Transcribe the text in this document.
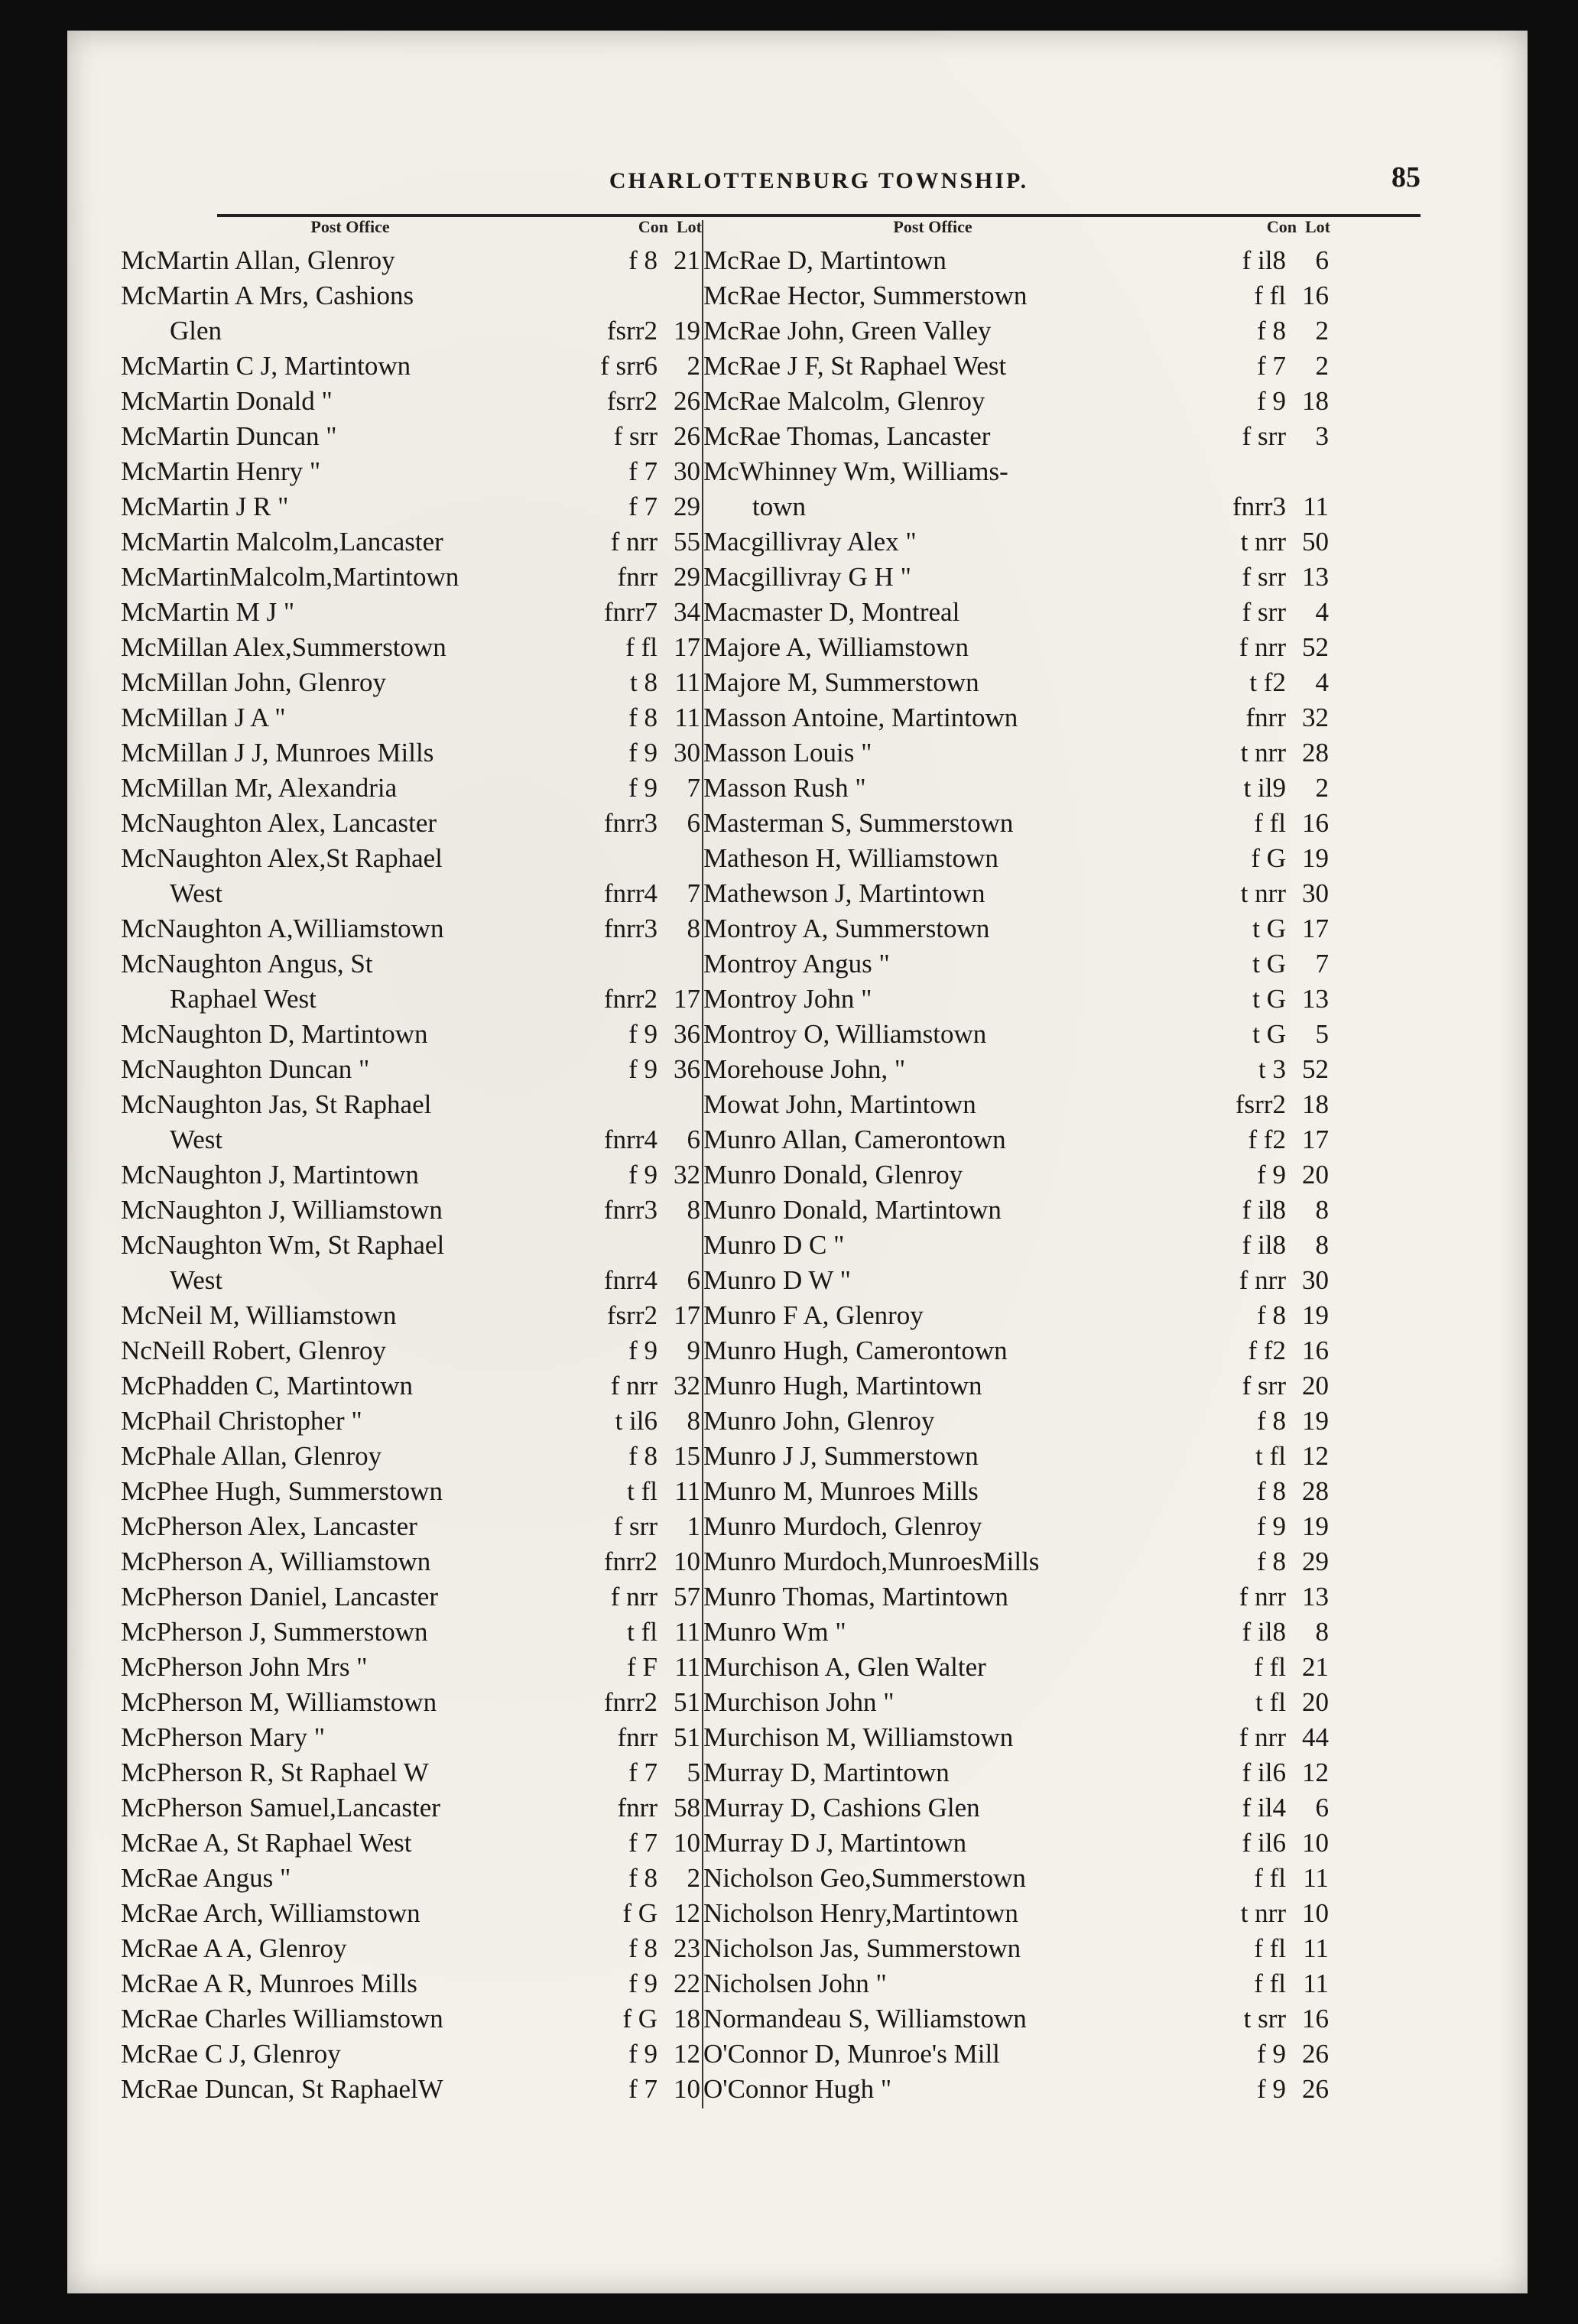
CHARLOTTENBURG TOWNSHIP.	85
Post Office	Con Lot
McMartin Allan, Glenroy	f 8 21
McMartin A Mrs, Cashions
Glen	fsrr2 19
McMartin C J, Martintown	f srr6 2
McMartin Donald "	fsrr2 26
McMartin Duncan "	f srr 26
McMartin Henry "	f 7 30
McMartin J R "	f 7 29
McMartin Malcolm,Lancaster	f nrr 55
McMartinMalcolm,Martintown	fnrr 29
McMartin M J "	fnrr7 34
McMillan Alex,Summerstown	f fl 17
McMillan John, Glenroy	t 8 11
McMillan J A "	f 8 11
McMillan J J, Munroes Mills	f 9 30
McMillan Mr, Alexandria	f 9 7
McNaughton Alex, Lancaster	fnrr3 6
McNaughton Alex,St Raphael
West	fnrr4 7
McNaughton A,Williamstown	fnrr3 8
McNaughton Angus, St
Raphael West	fnrr2 17
McNaughton D, Martintown	f 9 36
McNaughton Duncan "	f 9 36
McNaughton Jas, St Raphael
West	fnrr4 6
McNaughton J, Martintown	f 9 32
McNaughton J, Williamstown	fnrr3 8
McNaughton Wm, St Raphael
West	fnrr4 6
McNeil M, Williamstown	fsrr2 17
NcNeill Robert, Glenroy	f 9 9
McPhadden C, Martintown	f nrr 32
McPhail Christopher "	t il6 8
McPhale Allan, Glenroy	f 8 15
McPhee Hugh, Summerstown	t fl 11
McPherson Alex, Lancaster	f srr 1
McPherson A, Williamstown	fnrr2 10
McPherson Daniel, Lancaster	f nrr 57
McPherson J, Summerstown	t fl 11
McPherson John Mrs "	f F 11
McPherson M, Williamstown	fnrr2 51
McPherson Mary "	fnrr 51
McPherson R, St Raphael W	f 7 5
McPherson Samuel,Lancaster	fnrr 58
McRae A, St Raphael West	f 7 10
McRae Angus "	f 8 2
McRae Arch, Williamstown	f G 12
McRae A A, Glenroy	f 8 23
McRae A R, Munroes Mills	f 9 22
McRae Charles Williamstown	f G 18
McRae C J, Glenroy	f 9 12
McRae Duncan, St RaphaelW	f 7 10
Post Office	Con Lot
McRae D, Martintown	f il8 6
McRae Hector, Summerstown	f fl 16
McRae John, Green Valley	f 8 2
McRae J F, St Raphael West	f 7 2
McRae Malcolm, Glenroy	f 9 18
McRae Thomas, Lancaster	f srr 3
McWhinney Wm, Williams-
town	fnrr3 11
Macgillivray Alex "	t nrr 50
Macgillivray G H "	f srr 13
Macmaster D, Montreal	f srr 4
Majore A, Williamstown	f nrr 52
Majore M, Summerstown	t f2 4
Masson Antoine, Martintown	fnrr 32
Masson Louis "	t nrr 28
Masson Rush "	t il9 2
Masterman S, Summerstown	f fl 16
Matheson H, Williamstown	f G 19
Mathewson J, Martintown	t nrr 30
Montroy A, Summerstown	t G 17
Montroy Angus "	t G 7
Montroy John "	t G 13
Montroy O, Williamstown	t G 5
Morehouse John, "	t 3 52
Mowat John, Martintown	fsrr2 18
Munro Allan, Camerontown	f f2 17
Munro Donald, Glenroy	f 9 20
Munro Donald, Martintown	f il8 8
Munro D C "	f il8 8
Munro D W "	f nrr 30
Munro F A, Glenroy	f 8 19
Munro Hugh, Camerontown	f f2 16
Munro Hugh, Martintown	f srr 20
Munro John, Glenroy	f 8 19
Munro J J, Summerstown	t fl 12
Munro M, Munroes Mills	f 8 28
Munro Murdoch, Glenroy	f 9 19
Munro Murdoch,MunroesMills	f 8 29
Munro Thomas, Martintown	f nrr 13
Munro Wm "	f il8 8
Murchison A, Glen Walter	f fl 21
Murchison John "	t fl 20
Murchison M, Williamstown	f nrr 44
Murray D, Martintown	f il6 12
Murray D, Cashions Glen	f il4 6
Murray D J, Martintown	f il6 10
Nicholson Geo,Summerstown	f fl 11
Nicholson Henry,Martintown	t nrr 10
Nicholson Jas, Summerstown	f fl 11
Nicholsen John "	f fl 11
Normandeau S, Williamstown	t srr 16
O'Connor D, Munroe's Mill	f 9 26
O'Connor Hugh "	f 9 26
